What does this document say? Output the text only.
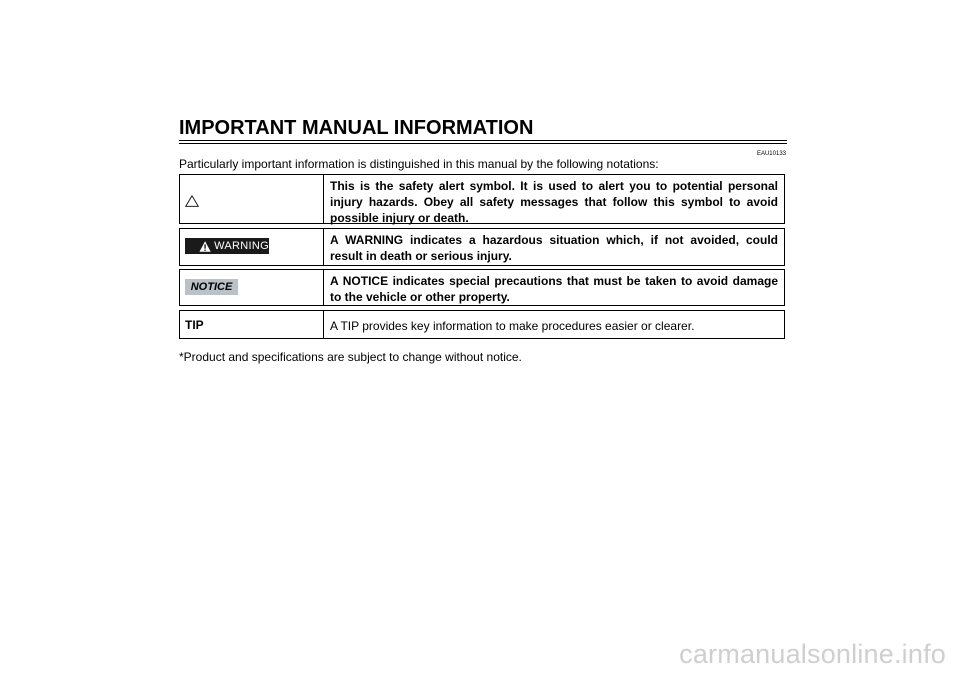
IMPORTANT MANUAL INFORMATION
EAU10133
Particularly important information is distinguished in this manual by the following notations:
This is the safety alert symbol. It is used to alert you to potential personal injury hazards. Obey all safety messages that follow this symbol to avoid possible injury or death.
WARNING	A WARNING indicates a hazardous situation which, if not avoided, could result in death or serious injury.
NOTICE	A NOTICE indicates special precautions that must be taken to avoid damage to the vehicle or other property.
TIP	A TIP provides key information to make procedures easier or clearer.
*Product and specifications are subject to change without notice.
carmanualsonline.info
